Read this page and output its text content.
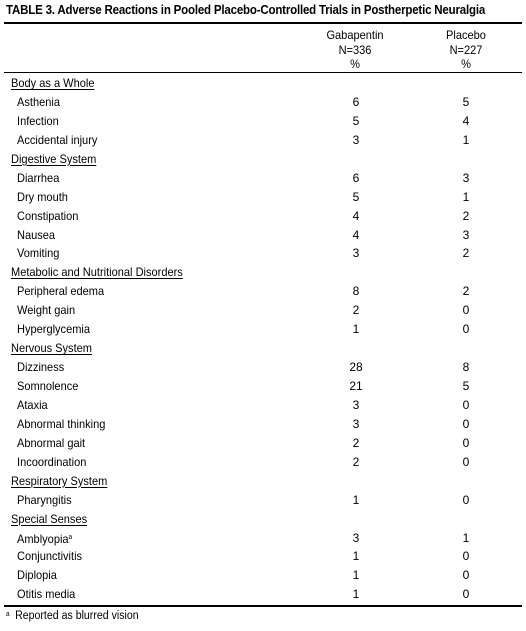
TABLE 3. Adverse Reactions in Pooled Placebo-Controlled Trials in Postherpetic Neuralgia
Gabapentin
N=336
%
Placebo
N=227
%
Body as a Whole
Asthenia	6	5
Infection	5	4
Accidental injury	3	1
Digestive System
Diarrhea	6	3
Dry mouth	5	1
Constipation	4	2
Nausea	4	3
Vomiting	3	2
Metabolic and Nutritional Disorders
Peripheral edema	8	2
Weight gain	2	0
Hyperglycemia	1	0
Nervous System
Dizziness	28	8
Somnolence	21	5
Ataxia	3	0
Abnormal thinking	3	0
Abnormal gait	2	0
Incoordination	2	0
Respiratory System
Pharyngitis	1	0
Special Senses
Amblyopia$^a$	3	1
Conjunctivitis	1	0
Diplopia	1	0
Otitis media	1	0
$^a$ Reported as blurred vision
